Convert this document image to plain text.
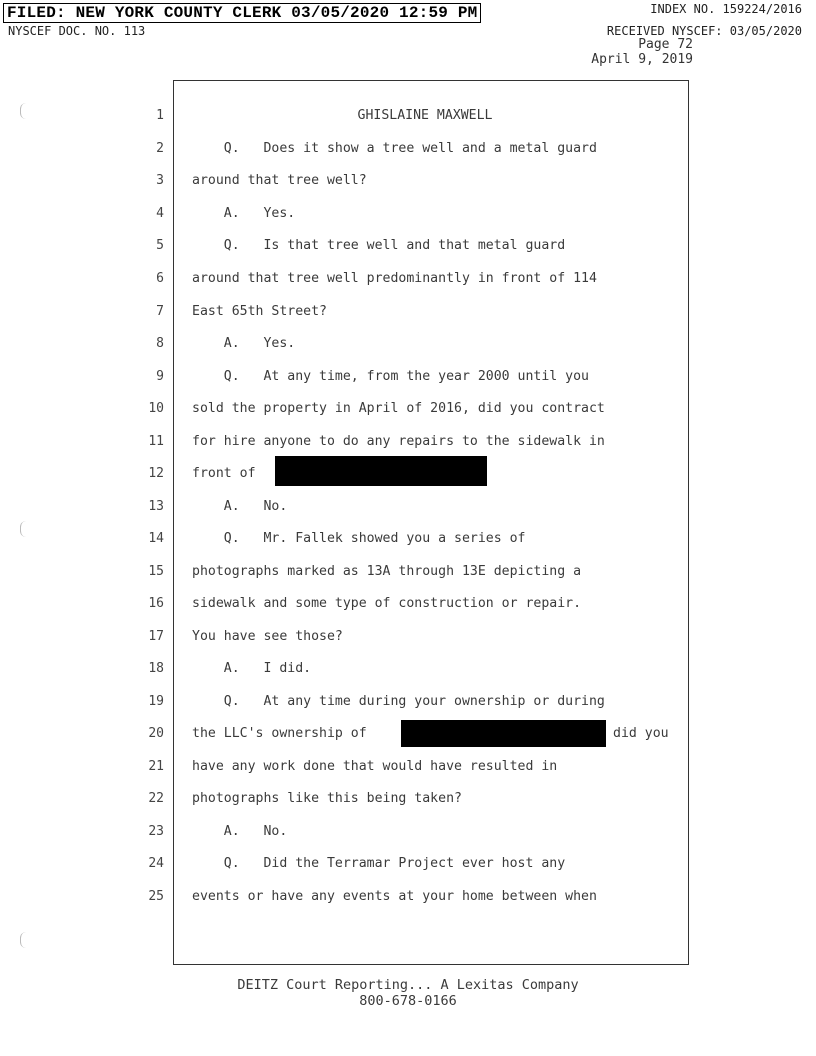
FILED: NEW YORK COUNTY CLERK 03/05/2020 12:59 PM	INDEX NO. 159224/2016
NYSCEF DOC. NO. 113	RECEIVED NYSCEF: 03/05/2020
Page 72
April 9, 2019
1	GHISLAINE MAXWELL
2 Q.   Does it show a tree well and a metal guard
3 around that tree well?
4 A.   Yes.
5 Q.   Is that tree well and that metal guard
6 around that tree well predominantly in front of 114
7 East 65th Street?
8 A.   Yes.
9 Q.   At any time, from the year 2000 until you
10 sold the property in April of 2016, did you contract
11 for hire anyone to do any repairs to the sidewalk in
12 front of
13 A.   No.
14 Q.   Mr. Fallek showed you a series of
15 photographs marked as 13A through 13E depicting a
16 sidewalk and some type of construction or repair.
17 You have see those?
18 A.   I did.
19 Q.   At any time during your ownership or during
20 the LLC's ownership of	did you
21 have any work done that would have resulted in
22 photographs like this being taken?
23 A.   No.
24 Q.   Did the Terramar Project ever host any
25 events or have any events at your home between when
DEITZ Court Reporting... A Lexitas Company
800-678-0166
